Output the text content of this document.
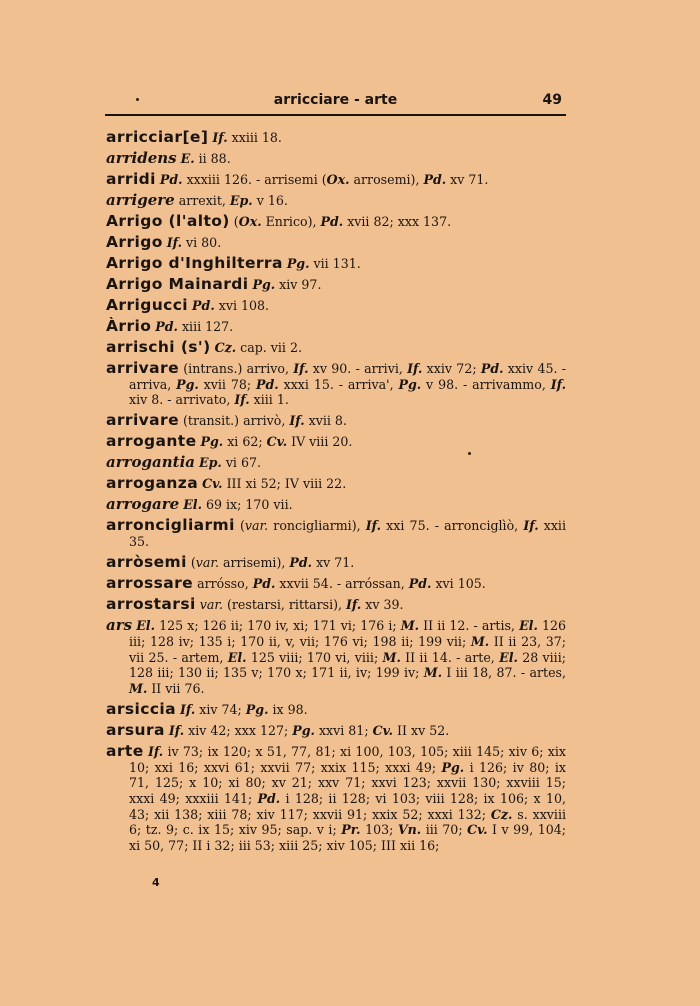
arricciare - arte	49

arricciar[e] If. xxiii 18.

arridens E. ii 88.

arridi Pd. xxxiii 126. - arrisemi (Ox. arrosemi), Pd. xv 71.

arrigere arrexit, Ep. v 16.

Arrigo (l'alto) (Ox. Enrico), Pd. xvii 82; xxx 137.

Arrigo If. vi 80.

Arrigo d'Inghilterra Pg. vii 131.

Arrigo Mainardi Pg. xiv 97.

Arrigucci Pd. xvi 108.

Àrrio Pd. xiii 127.

arrischi (s') Cz. cap. vii 2.

arrivare (intrans.) arrivo, If. xv 90. - arrivi, If. xxiv 72; Pd. xxiv 45. - arriva, Pg. xvii 78; Pd. xxxi 15. - arriva', Pg. v 98. - arrivammo, If. xiv 8. - arrivato, If. xiii 1.

arrivare (transit.) arrivò, If. xvii 8.

arrogante Pg. xi 62; Cv. IV viii 20.

arrogantia Ep. vi 67.

arroganza Cv. III xi 52; IV viii 22.

arrogare El. 69 ix; 170 vii.

arroncigliarmi (var. roncigliarmi), If. xxi 75. - arronciglìò, If. xxii 35.

arròsemi (var. arrisemi), Pd. xv 71.

arrossare arróssо, Pd. xxvii 54. - arróssan, Pd. xvi 105.

arrostarsi var. (restarsi, rittarsi), If. xv 39.

ars El. 125 x; 126 ii; 170 iv, xi; 171 vi; 176 i; M. II ii 12. - artis, El. 126 iii; 128 iv; 135 i; 170 ii, v, vii; 176 vi; 198 ii; 199 vii; M. II ii 23, 37; vii 25. - artem, El. 125 viii; 170 vi, viii; M. II ii 14. - arte, El. 28 viii; 128 iii; 130 ii; 135 v; 170 x; 171 ii, iv; 199 iv; M. I iii 18, 87. - artes, M. II vii 76.

arsiccia If. xiv 74; Pg. ix 98.

arsura If. xiv 42; xxx 127; Pg. xxvi 81; Cv. II xv 52.

arte If. iv 73; ix 120; x 51, 77, 81; xi 100, 103, 105; xiii 145; xiv 6; xix 10; xxi 16; xxvi 61; xxvii 77; xxix 115; xxxi 49; Pg. i 126; iv 80; ix 71, 125; x 10; xi 80; xv 21; xxv 71; xxvi 123; xxvii 130; xxviii 15; xxxi 49; xxxiii 141; Pd. i 128; ii 128; vi 103; viii 128; ix 106; x 10, 43; xii 138; xiii 78; xiv 117; xxvii 91; xxix 52; xxxi 132; Cz. s. xxviii 6; tz. 9; c. ix 15; xiv 95; sap. v i; Pr. 103; Vn. iii 70; Cv. I v 99, 104; xi 50, 77; II i 32; iii 53; xiii 25; xiv 105; III xii 16;

4
